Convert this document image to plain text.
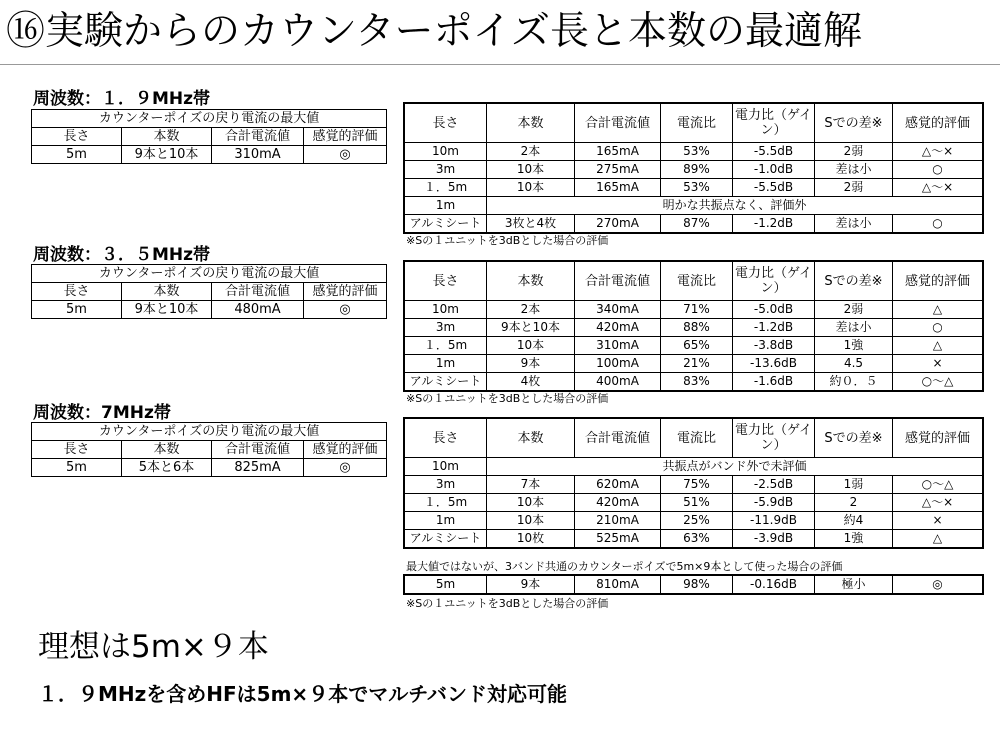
⑯実験からのカウンターポイズ長と本数の最適解
周波数：１．９MHz帯
カウンターポイズの戻り電流の最大値			
長さ	本数	合計電流値	感覚的評価
5m	9本と10本	310mA	◎
長さ	本数	合計電流値	電流比	電力比（ゲイン）	Sでの差※	感覚的評価
10m	2本	165mA	53%	-5.5dB	2弱	△～×
3m	10本	275mA	89%	-1.0dB	差は小	○
１．5m	10本	165mA	53%	-5.5dB	2弱	△～×
1m	明かな共振点なく、評価外					
アルミシート	3枚と4枚	270mA	87%	-1.2dB	差は小	○
※Sの１ユニットを3dBとした場合の評価
周波数：３．５MHz帯
カウンターポイズの戻り電流の最大値			
長さ	本数	合計電流値	感覚的評価
5m	9本と10本	480mA	◎
長さ	本数	合計電流値	電流比	電力比（ゲイン）	Sでの差※	感覚的評価
10m	2本	340mA	71%	-5.0dB	2弱	△
3m	9本と10本	420mA	88%	-1.2dB	差は小	○
１．5m	10本	310mA	65%	-3.8dB	1強	△
1m	9本	100mA	21%	-13.6dB	4.5	×
アルミシート	4枚	400mA	83%	-1.6dB	約０．５	○～△
※Sの１ユニットを3dBとした場合の評価
周波数：7MHz帯
カウンターポイズの戻り電流の最大値			
長さ	本数	合計電流値	感覚的評価
5m	5本と6本	825mA	◎
長さ	本数	合計電流値	電流比	電力比（ゲイン）	Sでの差※	感覚的評価
10m	共振点がバンド外で未評価					
3m	7本	620mA	75%	-2.5dB	1弱	○～△
１．5m	10本	420mA	51%	-5.9dB	2	△～×
1m	10本	210mA	25%	-11.9dB	約4	×
アルミシート	10枚	525mA	63%	-3.9dB	1強	△
最大値ではないが、3バンド共通のカウンターポイズで5m×9本として使った場合の評価
5m	9本	810mA	98%	-0.16dB	極小	◎
※Sの１ユニットを3dBとした場合の評価
理想は5m×９本
１．９MHzを含めHFは5m×９本でマルチバンド対応可能
